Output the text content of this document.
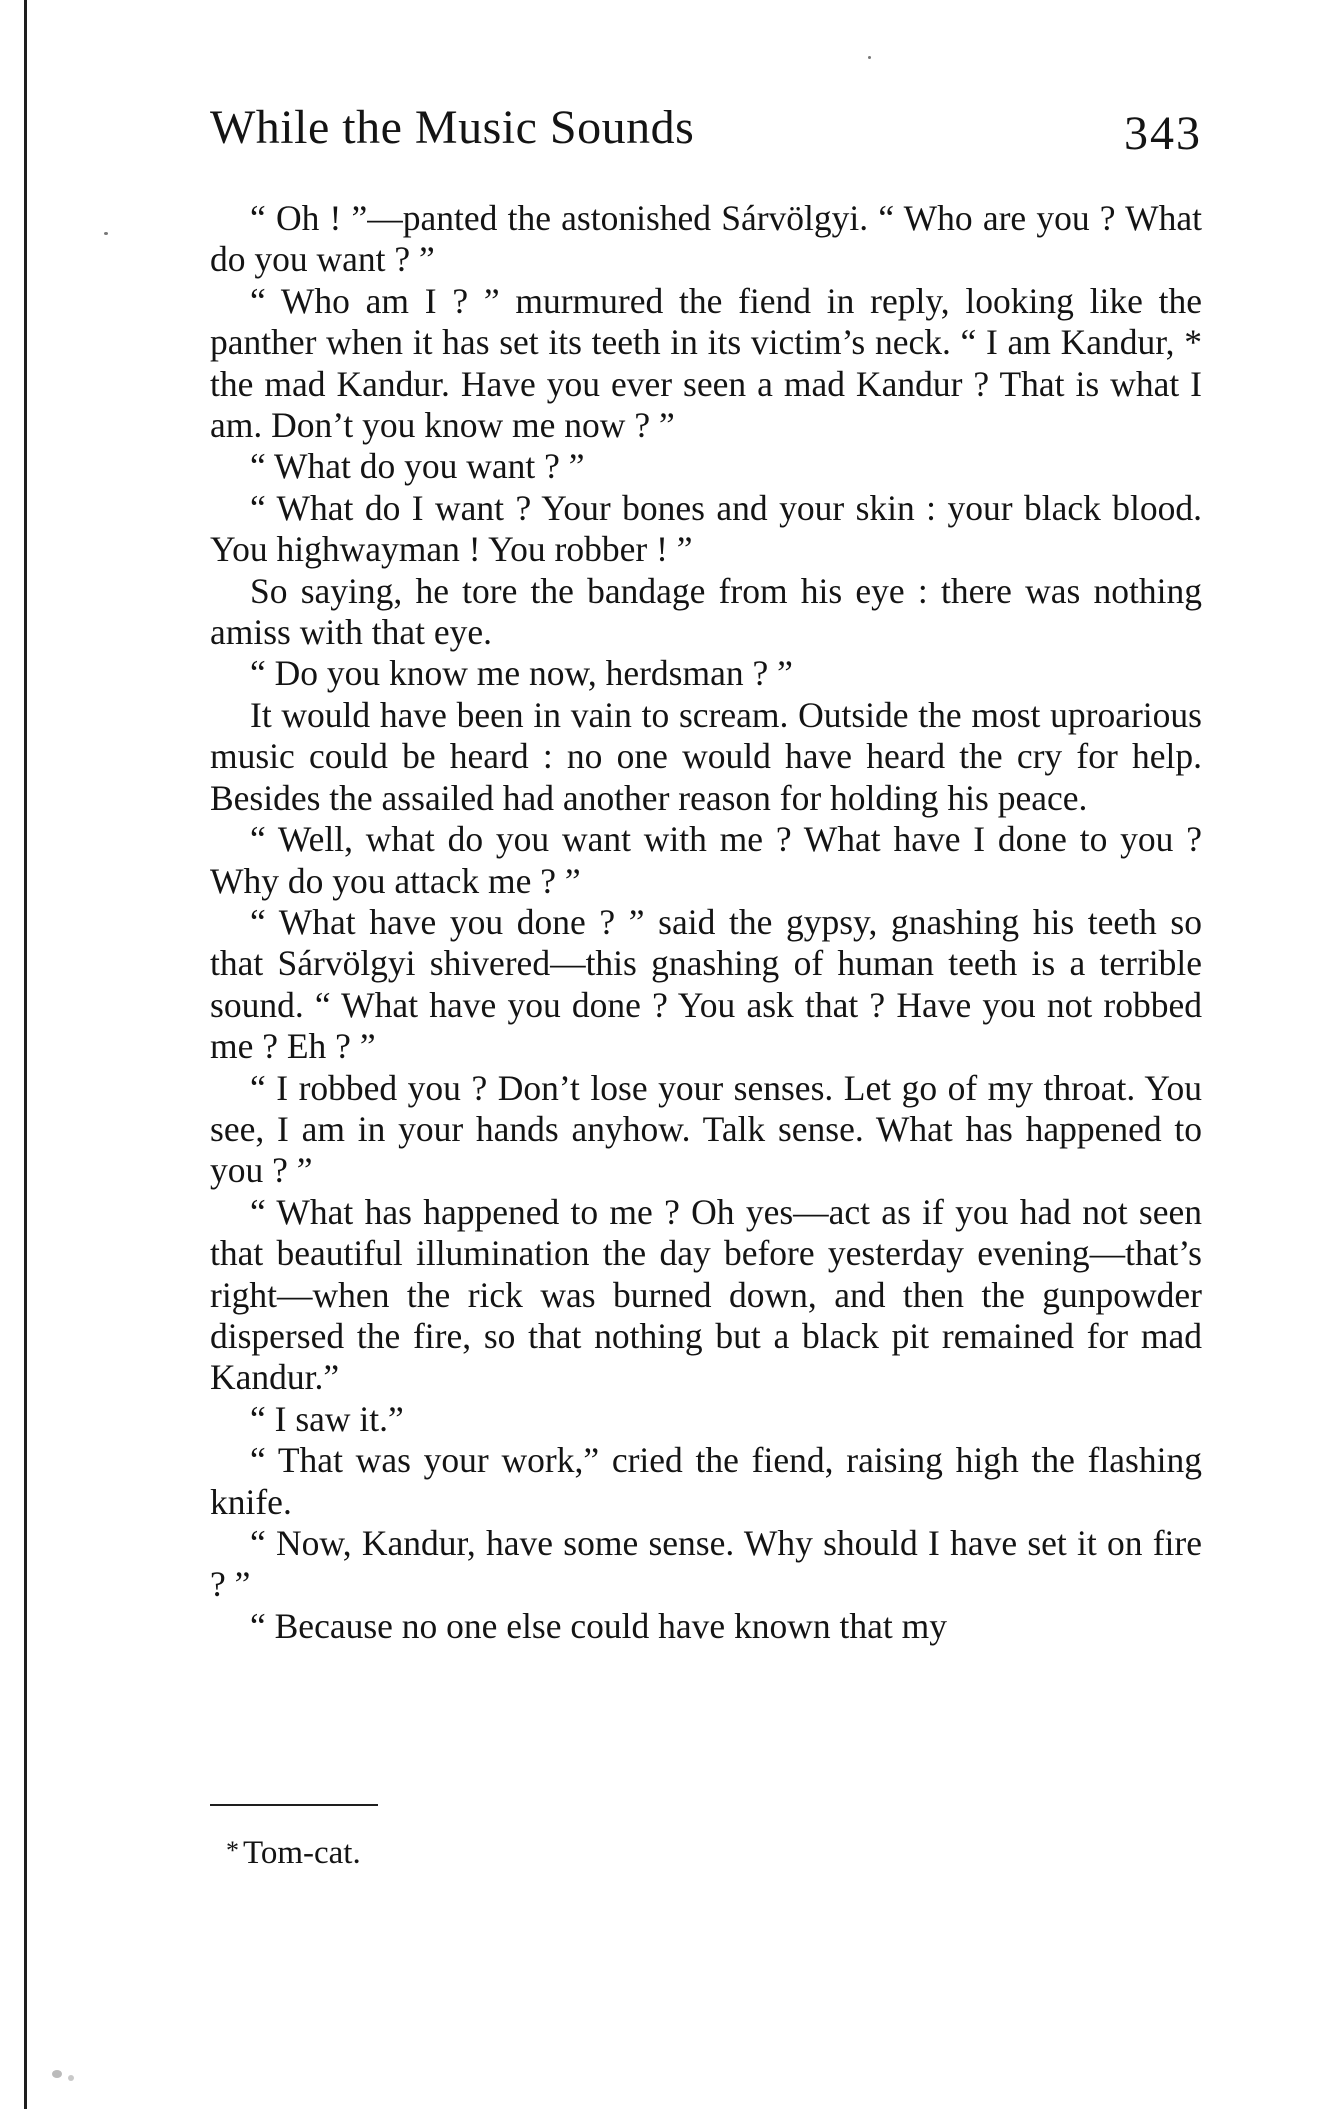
While the Music Sounds	343

“ Oh ! ”—panted the astonished Sárvölgyi. “ Who are you ? What do you want ? ”

“ Who am I ? ” murmured the fiend in reply, looking like the panther when it has set its teeth in its victim’s neck. “ I am Kandur, * the mad Kandur. Have you ever seen a mad Kandur ? That is what I am. Don’t you know me now ? ”

“ What do you want ? ”

“ What do I want ? Your bones and your skin : your black blood. You highwayman ! You robber ! ”

So saying, he tore the bandage from his eye : there was nothing amiss with that eye.

“ Do you know me now, herdsman ? ”

It would have been in vain to scream. Outside the most uproarious music could be heard : no one would have heard the cry for help. Besides the assailed had another reason for holding his peace.

“ Well, what do you want with me ? What have I done to you ? Why do you attack me ? ”

“ What have you done ? ” said the gypsy, gnashing his teeth so that Sárvölgyi shivered—this gnashing of human teeth is a terrible sound. “ What have you done ? You ask that ? Have you not robbed me ? Eh ? ”

“ I robbed you ? Don’t lose your senses. Let go of my throat. You see, I am in your hands anyhow. Talk sense. What has happened to you ? ”

“ What has happened to me ? Oh yes—act as if you had not seen that beautiful illumination the day before yesterday evening—that’s right—when the rick was burned down, and then the gunpowder dispersed the fire, so that nothing but a black pit remained for mad Kandur.”

“ I saw it.”

“ That was your work,” cried the fiend, raising high the flashing knife.

“ Now, Kandur, have some sense. Why should I have set it on fire ? ”

“ Because no one else could have known that my

* Tom-cat.
